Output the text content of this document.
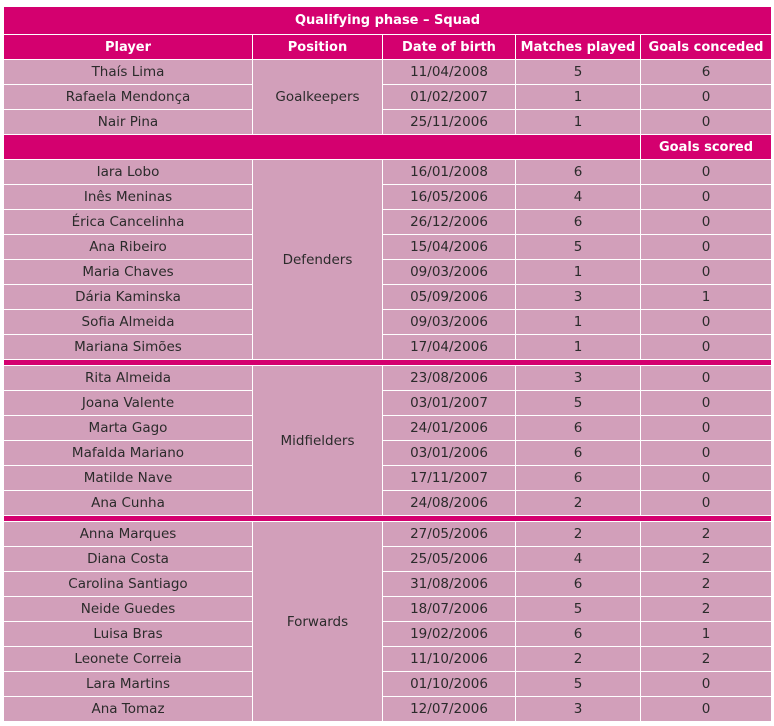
Qualifying phase – Squad				
Player	Position	Date of birth	Matches played	Goals conceded
Thaís Lima	Goalkeepers	11/04/2008	5	6
Rafaela Mendonça		01/02/2007	1	0
Nair Pina		25/11/2006	1	0
				Goals scored
Iara Lobo	Defenders	16/01/2008	6	0
Inês Meninas		16/05/2006	4	0
Érica Cancelinha		26/12/2006	6	0
Ana Ribeiro		15/04/2006	5	0
Maria Chaves		09/03/2006	1	0
Dária Kaminska		05/09/2006	3	1
Sofia Almeida		09/03/2006	1	0
Mariana Simões		17/04/2006	1	0

Rita Almeida	Midfielders	23/08/2006	3	0
Joana Valente		03/01/2007	5	0
Marta Gago		24/01/2006	6	0
Mafalda Mariano		03/01/2006	6	0
Matilde Nave		17/11/2007	6	0
Ana Cunha		24/08/2006	2	0

Anna Marques	Forwards	27/05/2006	2	2
Diana Costa		25/05/2006	4	2
Carolina Santiago		31/08/2006	6	2
Neide Guedes		18/07/2006	5	2
Luisa Bras		19/02/2006	6	1
Leonete Correia		11/10/2006	2	2
Lara Martins		01/10/2006	5	0
Ana Tomaz		12/07/2006	3	0
